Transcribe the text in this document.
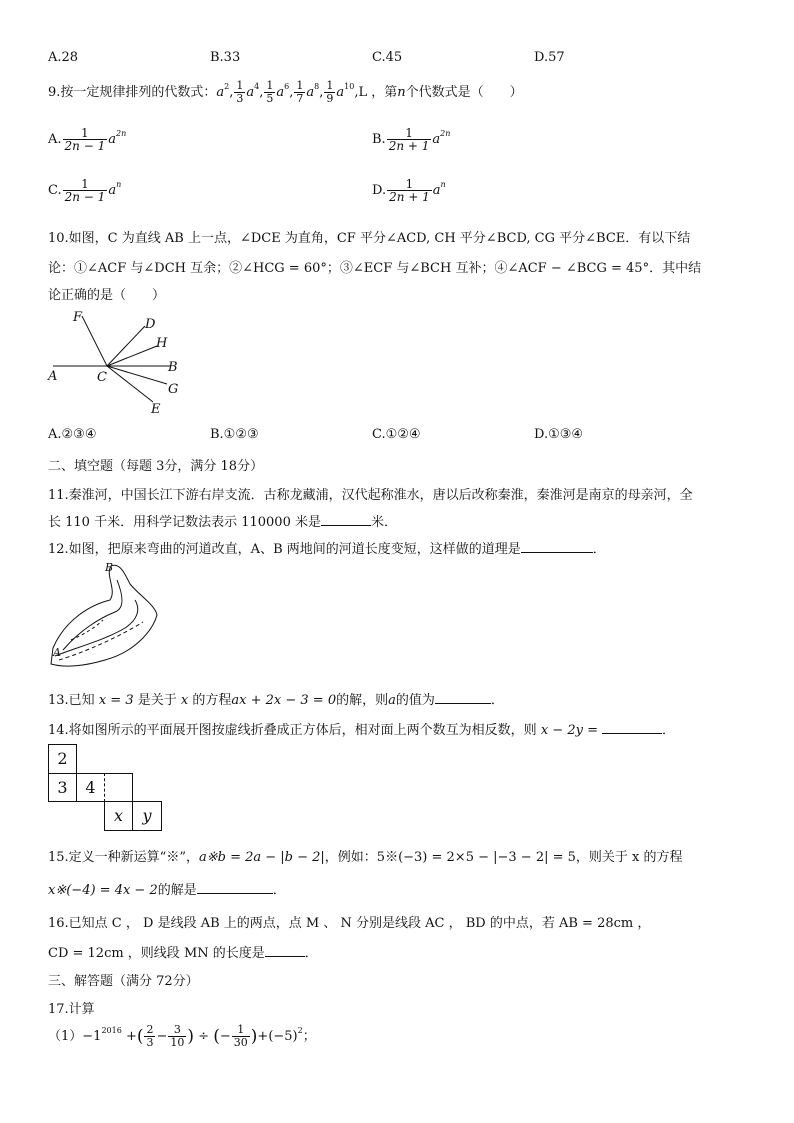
A.28	B.33	C.45	D.57
9.按一定规律排列的代数式：$a^2$, $\frac{1}{3} a^4$, $\frac{1}{5} a^6$, $\frac{1}{7} a^8$, $\frac{1}{9} a^{10},L$ ，第n个代数式是（　　）
A. $\frac{1}{2n - 1} a^{2n}$	B. $\frac{1}{2n + 1} a^{2n}$
C. $\frac{1}{2n - 1} a^n$	D. $\frac{1}{2n + 1} a^n$
10.如图，C 为直线 AB 上一点，∠DCE 为直角，CF 平分∠ACD, CH 平分∠BCD, CG 平分∠BCE．有以下结
论：①∠ACF 与∠DCH 互余；②∠HCG = 60°；③∠ECF 与∠BCH 互补；④∠ACF − ∠BCG = 45°．其中结
论正确的是（　　）
F	D
H
B
A	C
G
E
A.②③④	B.①②③	C.①②④	D.①③④
二、填空题（每题 3分，满分 18分）
11.秦淮河，中国长江下游右岸支流．古称龙藏浦，汉代起称淮水，唐以后改称秦淮，秦淮河是南京的母亲河，全
长 110 千米．用科学记数法表示 110000 米是	米．
12.如图，把原来弯曲的河道改直，A、B 两地间的河道长度变短，这样做的道理是	．
B
A
13.已知 x = 3 是关于 x 的方程ax + 2x − 3 = 0的解，则a的值为	．
14.将如图所示的平面展开图按虚线折叠成正方体后，相对面上两个数互为相反数，则 x − 2y =	．
2
3	4
x	y
15.定义一种新运算“※”，a※b = 2a − |b − 2|，例如：5※(−3) = 2×5 − |−3 − 2| = 5，则关于 x 的方程
x※(−4) = 4x − 2的解是	．
16.已知点 C ， D 是线段 AB 上的两点，点 M 、 N 分别是线段 AC ， BD 的中点，若 AB = 28cm ，
CD = 12cm ，则线段 MN 的长度是	．
三、解答题（满分 72分）
17.计算
$(1)-1^{2016}$ +( $\frac{2}{3} - \frac{3}{10}$ ) ÷ (− $\frac{1}{30} )+(-5)^2$；
